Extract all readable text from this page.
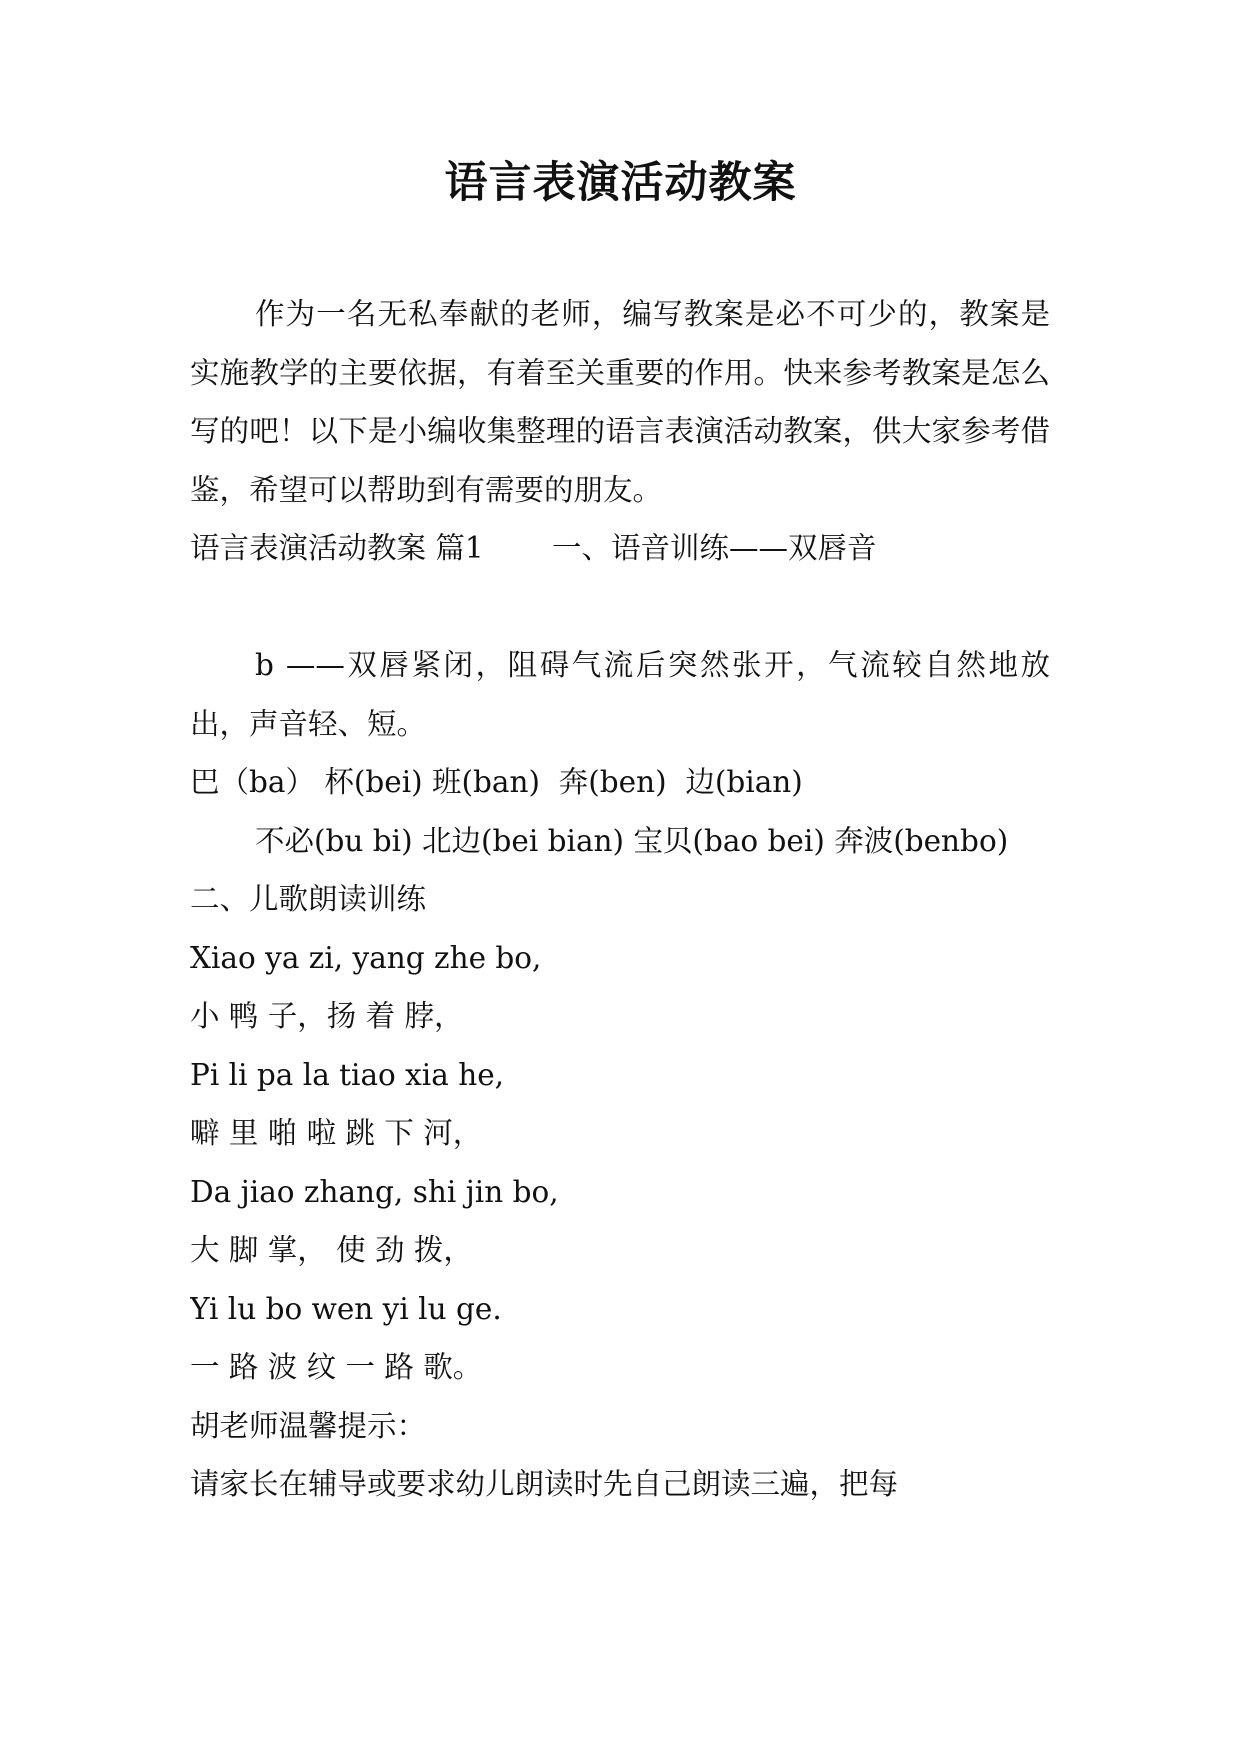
语言表演活动教案

作为一名无私奉献的老师，编写教案是必不可少的，教案是实施教学的主要依据，有着至关重要的作用。快来参考教案是怎么写的吧！以下是小编收集整理的语言表演活动教案，供大家参考借鉴，希望可以帮助到有需要的朋友。

语言表演活动教案 篇1　　 一、语音训练——双唇音

b ——双唇紧闭，阻碍气流后突然张开，气流较自然地放出，声音轻、短。

巴（ba） 杯(bei) 班(ban)  奔(ben)  边(bian)

不必(bu bi) 北边(bei bian) 宝贝(bao bei) 奔波(benbo)

二、儿歌朗读训练

Xiao ya zi, yang zhe bo,

小 鸭 子，扬 着 脖，

Pi li pa la tiao xia he,

噼 里 啪 啦 跳 下 河，

Da jiao zhang, shi jin bo,

大 脚 掌， 使 劲 拨，

Yi lu bo wen yi lu ge.

一 路 波 纹 一 路 歌。

胡老师温馨提示：

请家长在辅导或要求幼儿朗读时先自己朗读三遍，把每
